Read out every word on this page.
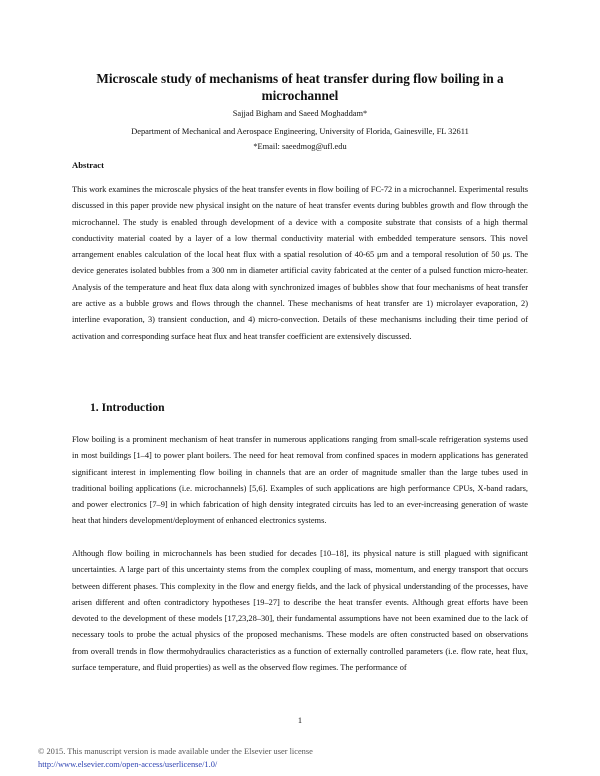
Microscale study of mechanisms of heat transfer during flow boiling in a microchannel
Sajjad Bigham and Saeed Moghaddam*
Department of Mechanical and Aerospace Engineering, University of Florida, Gainesville, FL 32611
*Email: saeedmog@ufl.edu
Abstract

This work examines the microscale physics of the heat transfer events in flow boiling of FC-72 in a microchannel. Experimental results discussed in this paper provide new physical insight on the nature of heat transfer events during bubbles growth and flow through the microchannel. The study is enabled through development of a device with a composite substrate that consists of a high thermal conductivity material coated by a layer of a low thermal conductivity material with embedded temperature sensors. This novel arrangement enables calculation of the local heat flux with a spatial resolution of 40-65 μm and a temporal resolution of 50 μs. The device generates isolated bubbles from a 300 nm in diameter artificial cavity fabricated at the center of a pulsed function micro-heater. Analysis of the temperature and heat flux data along with synchronized images of bubbles show that four mechanisms of heat transfer are active as a bubble grows and flows through the channel. These mechanisms of heat transfer are 1) microlayer evaporation, 2) interline evaporation, 3) transient conduction, and 4) micro-convection. Details of these mechanisms including their time period of activation and corresponding surface heat flux and heat transfer coefficient are extensively discussed.

1. Introduction

Flow boiling is a prominent mechanism of heat transfer in numerous applications ranging from small-scale refrigeration systems used in most buildings [1–4] to power plant boilers. The need for heat removal from confined spaces in modern applications has generated significant interest in implementing flow boiling in channels that are an order of magnitude smaller than the large tubes used in traditional boiling applications (i.e. microchannels) [5,6]. Examples of such applications are high performance CPUs, X-band radars, and power electronics [7–9] in which fabrication of high density integrated circuits has led to an ever-increasing generation of waste heat that hinders development/deployment of enhanced electronics systems.

Although flow boiling in microchannels has been studied for decades [10–18], its physical nature is still plagued with significant uncertainties. A large part of this uncertainty stems from the complex coupling of mass, momentum, and energy transport that occurs between different phases. This complexity in the flow and energy fields, and the lack of physical understanding of the processes, have arisen different and often contradictory hypotheses [19–27] to describe the heat transfer events. Although great efforts have been devoted to the development of these models [17,23,28–30], their fundamental assumptions have not been examined due to the lack of necessary tools to probe the actual physics of the proposed mechanisms. These models are often constructed based on observations from overall trends in flow thermohydraulics characteristics as a function of externally controlled parameters (i.e. flow rate, heat flux, surface temperature, and fluid properties) as well as the observed flow regimes. The performance of

1
© 2015. This manuscript version is made available under the Elsevier user license
http://www.elsevier.com/open-access/userlicense/1.0/
